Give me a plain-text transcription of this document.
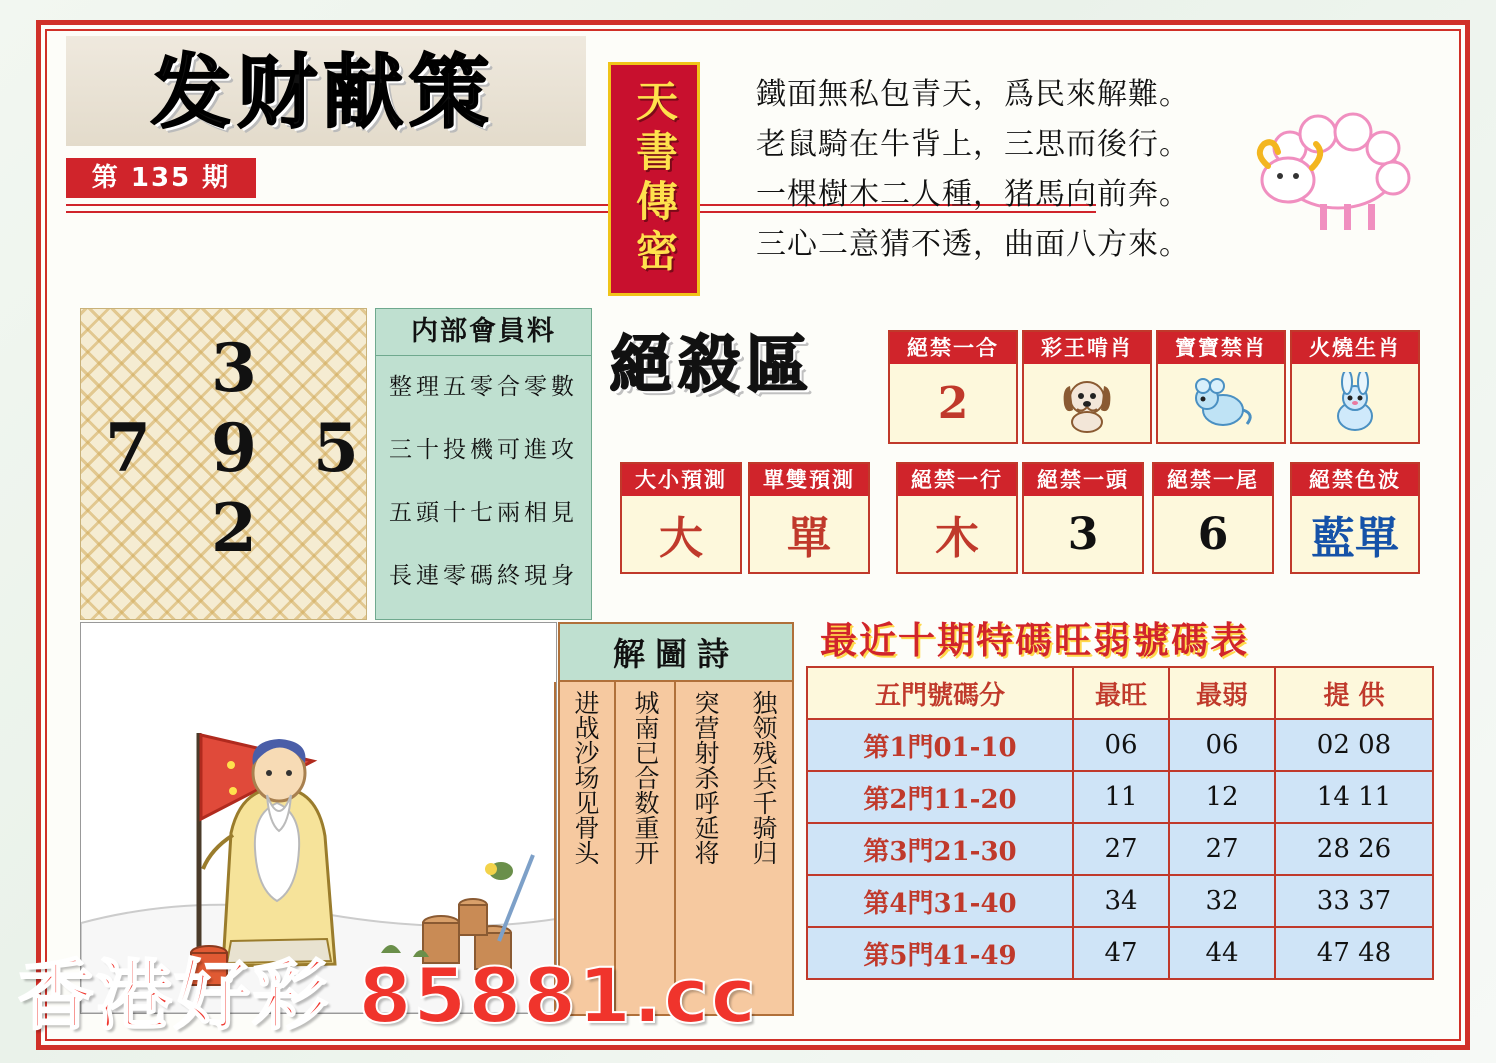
发财献策
第 135 期	天書傳密	鐵面無私包青天，爲民來解難。
老鼠騎在牛背上，三思而後行。
一棵樹木二人種，猪馬向前奔。
三心二意猜不透，曲面八方來。
3
7 9 5
2
内部會員料
整理五零合零數
三十投機可進攻
五頭十七兩相見
長連零碼終現身
絕殺區	絕禁一合
2
彩王啃肖	寶寶禁肖	火燒生肖
大小預測
大
單雙預測
單
絕禁一行
木
絕禁一頭
3
絕禁一尾
6
絕禁色波
藍單
最近十期特碼旺弱號碼表
五門號碼分	最旺	最弱	提 供
第1門01-10	06	06	02 08
第2門11-20	11	12	14 11
第3門21-30	27	27	28 26
第4門31-40	34	32	33 37
第5門41-49	47	44	47 48
解圖詩
独领残兵千骑归
突营射杀呼延将
城南已合数重开
进战沙场见骨头
香港好彩 85881.cc
